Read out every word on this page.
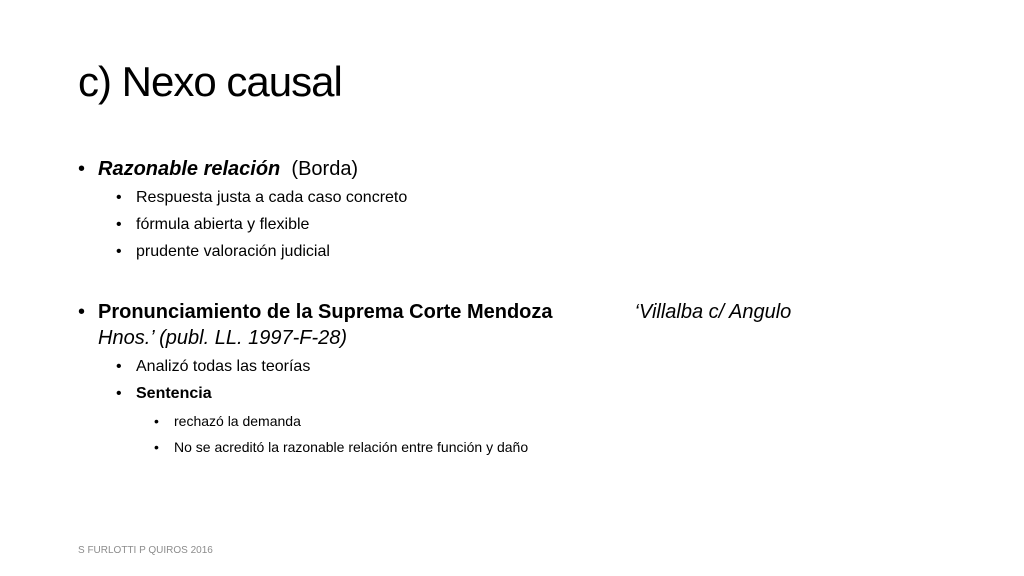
c) Nexo causal
• Razonable relación (Borda)
• Respuesta justa a cada caso concreto
• fórmula abierta y flexible
• prudente valoración judicial
• Pronunciamiento de la Suprema Corte Mendoza	‘Villalba c/ Angulo
Hnos.’ (publ. LL. 1997-F-28)
• Analizó todas las teorías
• Sentencia
• rechazó la demanda
• No se acreditó la razonable relación entre función y daño
S FURLOTTI P QUIROS 2016
